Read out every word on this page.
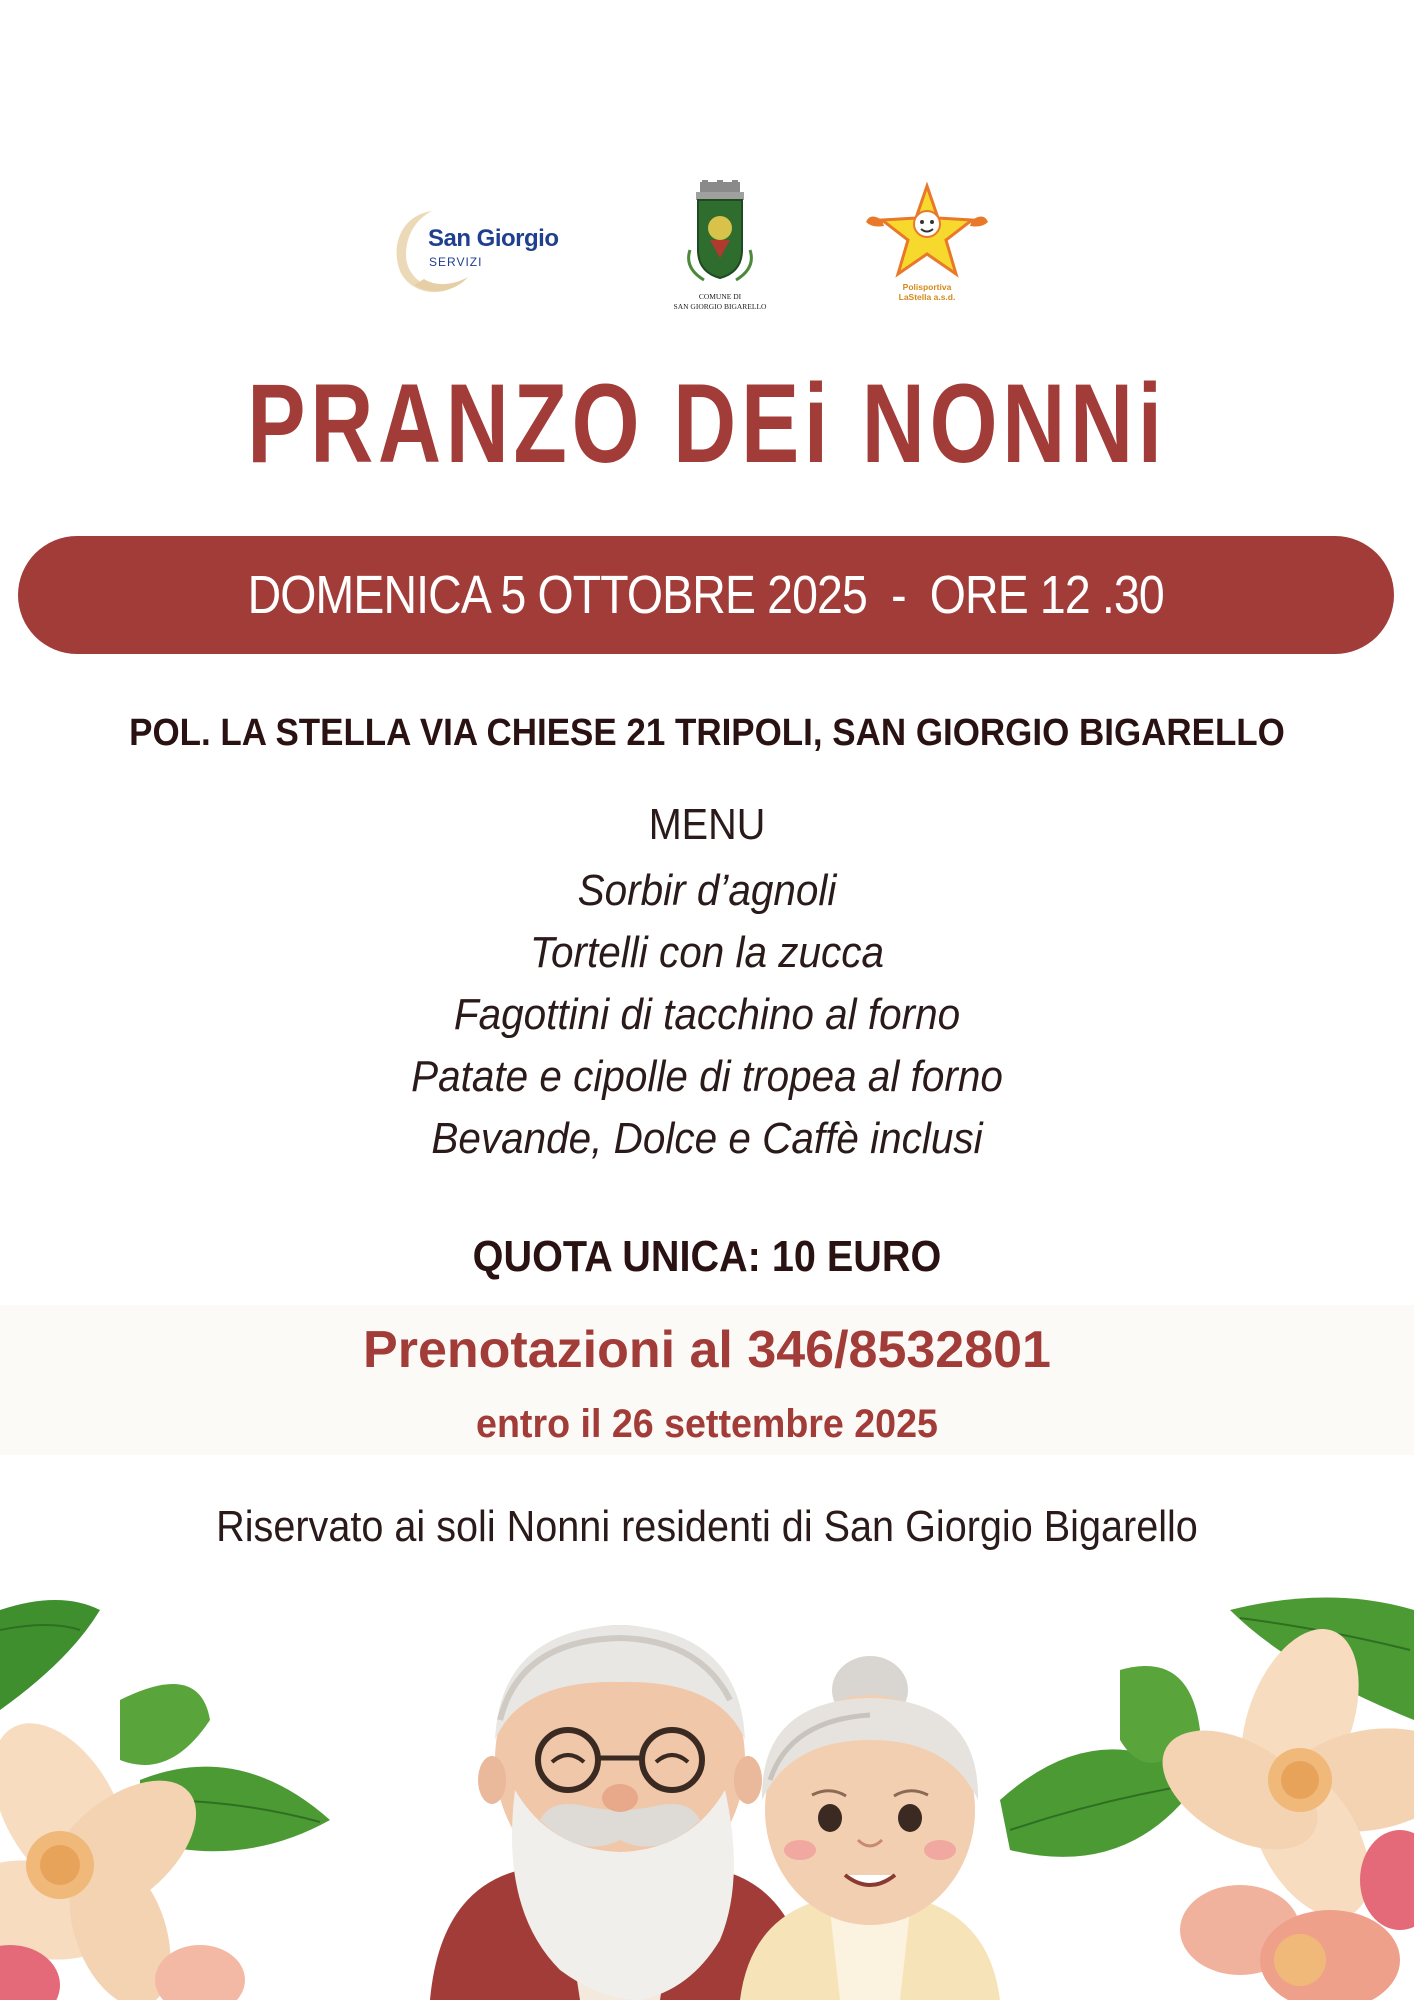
San Giorgio
SERVIZI
COMUNE DI
SAN GIORGIO BIGARELLO
Polisportiva
LaStella a.s.d.
PRANZO DEi NONNi
DOMENICA 5 OTTOBRE 2025  -  ORE 12 .30
POL. LA STELLA VIA CHIESE 21 TRIPOLI, SAN GIORGIO BIGARELLO
MENU
Sorbir d’agnoli
Tortelli con la zucca
Fagottini di tacchino al forno
Patate e cipolle di tropea al forno
Bevande, Dolce e Caffè inclusi
QUOTA UNICA: 10 EURO
Prenotazioni al 346/8532801
entro il 26 settembre 2025
Riservato ai soli Nonni residenti di San Giorgio Bigarello
